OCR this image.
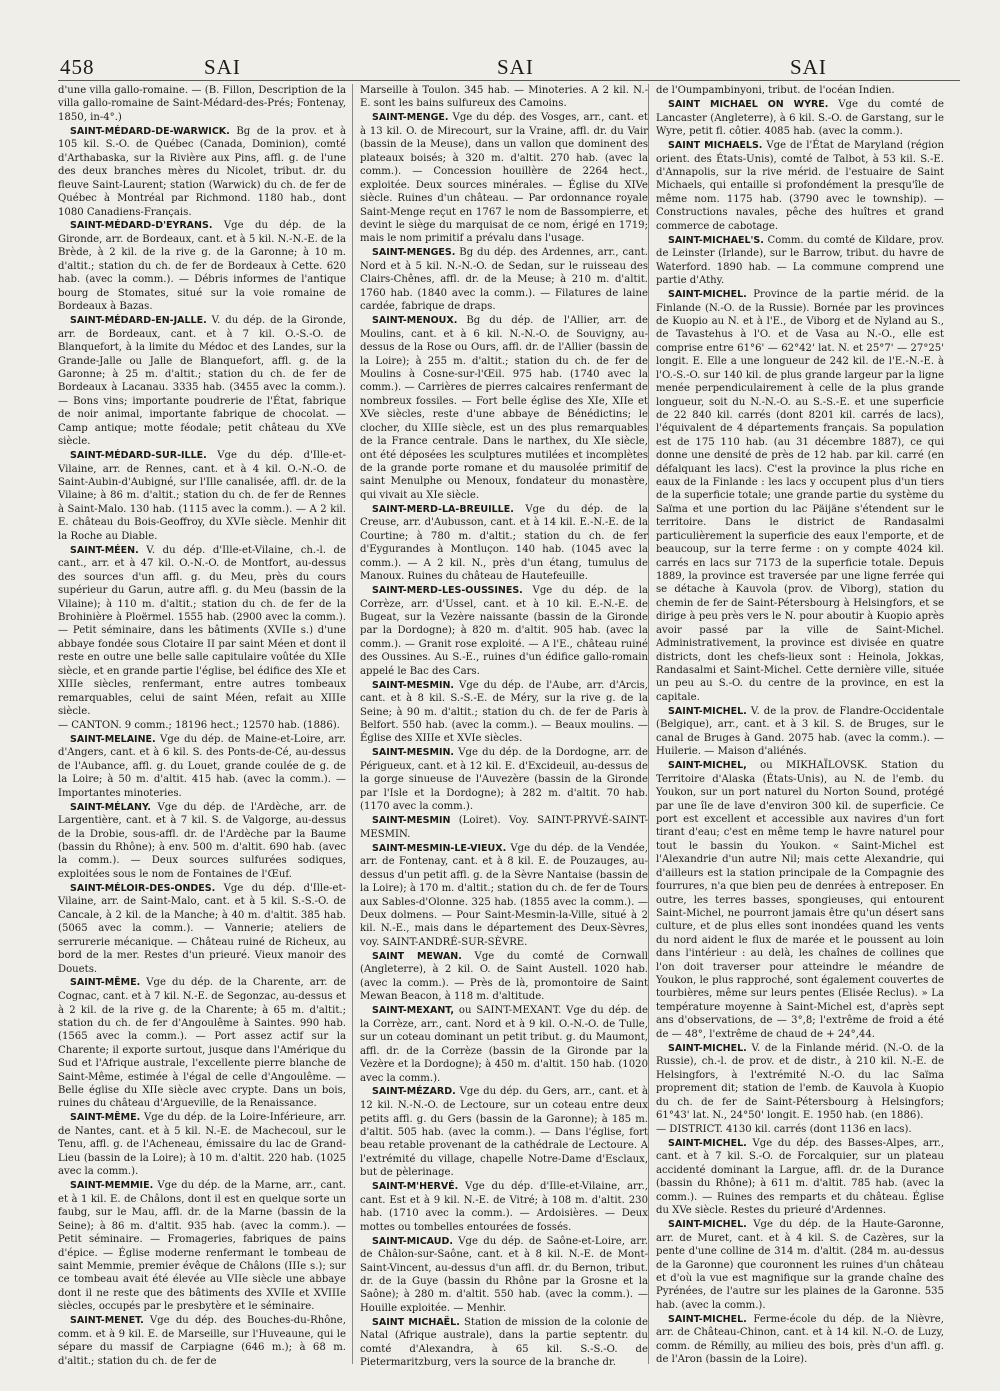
458	SAI	SAI	SAI

d'une villa gallo-romaine. — (B. Fillon, Description de la villa gallo-romaine de Saint-Médard-des-Prés; Fontenay, 1850, in-4°.)

SAINT-MÉDARD-DE-WARWICK. Bg de la prov. et à 105 kil. S.-O. de Québec (Canada, Dominion), comté d'Arthabaska, sur la Rivière aux Pins, affl. g. de l'une des deux branches mères du Nicolet, tribut. dr. du fleuve Saint-Laurent; station (Warwick) du ch. de fer de Québec à Montréal par Richmond. 1180 hab., dont 1080 Canadiens-Français.

SAINT-MÉDARD-D'EYRANS. Vge du dép. de la Gironde, arr. de Bordeaux, cant. et à 5 kil. N.-N.-E. de la Brède, à 2 kil. de la rive g. de la Garonne; à 10 m. d'altit.; station du ch. de fer de Bordeaux à Cette. 620 hab. (avec la comm.). — Débris informes de l'antique bourg de Stomates, situé sur la voie romaine de Bordeaux à Bazas.

SAINT-MÉDARD-EN-JALLE. V. du dép. de la Gironde, arr. de Bordeaux, cant. et à 7 kil. O.-S.-O. de Blanquefort, à la limite du Médoc et des Landes, sur la Grande-Jalle ou Jalle de Blanquefort, affl. g. de la Garonne; à 25 m. d'altit.; station du ch. de fer de Bordeaux à Lacanau. 3335 hab. (3455 avec la comm.). — Bons vins; importante poudrerie de l'État, fabrique de noir animal, importante fabrique de chocolat. — Camp antique; motte féodale; petit château du XVe siècle.

SAINT-MÉDARD-SUR-ILLE. Vge du dép. d'Ille-et-Vilaine, arr. de Rennes, cant. et à 4 kil. O.-N.-O. de Saint-Aubin-d'Aubigné, sur l'Ille canalisée, affl. dr. de la Vilaine; à 86 m. d'altit.; station du ch. de fer de Rennes à Saint-Malo. 130 hab. (1115 avec la comm.). — A 2 kil. E. château du Bois-Geoffroy, du XVIe siècle. Menhir dit la Roche au Diable.

SAINT-MÉEN. V. du dép. d'Ille-et-Vilaine, ch.-l. de cant., arr. et à 47 kil. O.-N.-O. de Montfort, au-dessus des sources d'un affl. g. du Meu, près du cours supérieur du Garun, autre affl. g. du Meu (bassin de la Vilaine); à 110 m. d'altit.; station du ch. de fer de la Brohinière à Ploërmel. 1555 hab. (2900 avec la comm.). — Petit séminaire, dans les bâtiments (XVIIe s.) d'une abbaye fondée sous Clotaire II par saint Méen et dont il reste en outre une belle salle capitulaire voûtée du XIIe siècle, et en grande partie l'église, bel édifice des XIe et XIIIe siècles, renfermant, entre autres tombeaux remarquables, celui de saint Méen, refait au XIIIe siècle.

— CANTON. 9 comm.; 18196 hect.; 12570 hab. (1886).

SAINT-MELAINE. Vge du dép. de Maine-et-Loire, arr. d'Angers, cant. et à 6 kil. S. des Ponts-de-Cé, au-dessus de l'Aubance, affl. g. du Louet, grande coulée de g. de la Loire; à 50 m. d'altit. 415 hab. (avec la comm.). — Importantes minoteries.

SAINT-MÉLANY. Vge du dép. de l'Ardèche, arr. de Largentière, cant. et à 7 kil. S. de Valgorge, au-dessus de la Drobie, sous-affl. dr. de l'Ardèche par la Baume (bassin du Rhône); à env. 500 m. d'altit. 690 hab. (avec la comm.). — Deux sources sulfurées sodiques, exploitées sous le nom de Fontaines de l'Œuf.

SAINT-MÉLOIR-DES-ONDES. Vge du dép. d'Ille-et-Vilaine, arr. de Saint-Malo, cant. et à 5 kil. S.-S.-O. de Cancale, à 2 kil. de la Manche; à 40 m. d'altit. 385 hab. (5065 avec la comm.). — Vannerie; ateliers de serrurerie mécanique. — Château ruiné de Richeux, au bord de la mer. Restes d'un prieuré. Vieux manoir des Douets.

SAINT-MÊME. Vge du dép. de la Charente, arr. de Cognac, cant. et à 7 kil. N.-E. de Segonzac, au-dessus et à 2 kil. de la rive g. de la Charente; à 65 m. d'altit.; station du ch. de fer d'Angoulême à Saintes. 990 hab. (1565 avec la comm.). — Port assez actif sur la Charente; il exporte surtout, jusque dans l'Amérique du Sud et l'Afrique australe, l'excellente pierre blanche de Saint-Même, estimée à l'égal de celle d'Angoulême. — Belle église du XIIe siècle avec crypte. Dans un bois, ruines du château d'Argueville, de la Renaissance.

SAINT-MÊME. Vge du dép. de la Loire-Inférieure, arr. de Nantes, cant. et à 5 kil. N.-E. de Machecoul, sur le Tenu, affl. g. de l'Acheneau, émissaire du lac de Grand-Lieu (bassin de la Loire); à 10 m. d'altit. 220 hab. (1025 avec la comm.).

SAINT-MEMMIE. Vge du dép. de la Marne, arr., cant. et à 1 kil. E. de Châlons, dont il est en quelque sorte un faubg, sur le Mau, affl. dr. de la Marne (bassin de la Seine); à 86 m. d'altit. 935 hab. (avec la comm.). — Petit séminaire. — Fromageries, fabriques de pains d'épice. — Église moderne renfermant le tombeau de saint Memmie, premier évêque de Châlons (IIIe s.); sur ce tombeau avait été élevée au VIIe siècle une abbaye dont il ne reste que des bâtiments des XVIIe et XVIIIe siècles, occupés par le presbytère et le séminaire.

SAINT-MENET. Vge du dép. des Bouches-du-Rhône, comm. et à 9 kil. E. de Marseille, sur l'Huveaune, qui le sépare du massif de Carpiagne (646 m.); à 68 m. d'altit.; station du ch. de fer de

Marseille à Toulon. 345 hab. — Minoteries. A 2 kil. N.-E. sont les bains sulfureux des Camoins.

SAINT-MENGE. Vge du dép. des Vosges, arr., cant. et à 13 kil. O. de Mirecourt, sur la Vraine, affl. dr. du Vair (bassin de la Meuse), dans un vallon que dominent des plateaux boisés; à 320 m. d'altit. 270 hab. (avec la comm.). — Concession houillère de 2264 hect., exploitée. Deux sources minérales. — Église du XIVe siècle. Ruines d'un château. — Par ordonnance royale Saint-Menge reçut en 1767 le nom de Bassompierre, et devint le siège du marquisat de ce nom, érigé en 1719; mais le nom primitif a prévalu dans l'usage.

SAINT-MENGES. Bg du dép. des Ardennes, arr., cant. Nord et à 5 kil. N.-N.-O. de Sedan, sur le ruisseau des Clairs-Chênes, affl. dr. de la Meuse; à 210 m. d'altit. 1760 hab. (1840 avec la comm.). — Filatures de laine cardée, fabrique de draps.

SAINT-MENOUX. Bg du dép. de l'Allier, arr. de Moulins, cant. et à 6 kil. N.-N.-O. de Souvigny, au-dessus de la Rose ou Ours, affl. dr. de l'Allier (bassin de la Loire); à 255 m. d'altit.; station du ch. de fer de Moulins à Cosne-sur-l'Œil. 975 hab. (1740 avec la comm.). — Carrières de pierres calcaires renfermant de nombreux fossiles. — Fort belle église des XIe, XIIe et XVe siècles, reste d'une abbaye de Bénédictins; le clocher, du XIIIe siècle, est un des plus remarquables de la France centrale. Dans le narthex, du XIe siècle, ont été déposées les sculptures mutilées et incomplètes de la grande porte romane et du mausolée primitif de saint Menulphe ou Menoux, fondateur du monastère, qui vivait au XIe siècle.

SAINT-MERD-LA-BREUILLE. Vge du dép. de la Creuse, arr. d'Aubusson, cant. et à 14 kil. E.-N.-E. de la Courtine; à 780 m. d'altit.; station du ch. de fer d'Eygurandes à Montluçon. 140 hab. (1045 avec la comm.). — A 2 kil. N., près d'un étang, tumulus de Manoux. Ruines du château de Hautefeuille.

SAINT-MERD-LES-OUSSINES. Vge du dép. de la Corrèze, arr. d'Ussel, cant. et à 10 kil. E.-N.-E. de Bugeat, sur la Vezère naissante (bassin de la Gironde par la Dordogne); à 820 m. d'altit. 905 hab. (avec la comm.). — Granit rose exploité. — A l'E., château ruiné des Oussines. Au S.-E., ruines d'un édifice gallo-romain appelé le Bac des Cars.

SAINT-MESMIN. Vge du dép. de l'Aube, arr. d'Arcis, cant. et à 8 kil. S.-S.-E. de Méry, sur la rive g. de la Seine; à 90 m. d'altit.; station du ch. de fer de Paris à Belfort. 550 hab. (avec la comm.). — Beaux moulins. — Église des XIIIe et XVIe siècles.

SAINT-MESMIN. Vge du dép. de la Dordogne, arr. de Périgueux, cant. et à 12 kil. E. d'Excideuil, au-dessus de la gorge sinueuse de l'Auvezère (bassin de la Gironde par l'Isle et la Dordogne); à 282 m. d'altit. 70 hab. (1170 avec la comm.).

SAINT-MESMIN (Loiret). Voy. SAINT-PRYVÉ-SAINT-MESMIN.

SAINT-MESMIN-LE-VIEUX. Vge du dép. de la Vendée, arr. de Fontenay, cant. et à 8 kil. E. de Pouzauges, au-dessus d'un petit affl. g. de la Sèvre Nantaise (bassin de la Loire); à 170 m. d'altit.; station du ch. de fer de Tours aux Sables-d'Olonne. 325 hab. (1855 avec la comm.). — Deux dolmens. — Pour Saint-Mesmin-la-Ville, situé à 2 kil. N.-E., mais dans le département des Deux-Sèvres, voy. SAINT-ANDRÉ-SUR-SÈVRE.

SAINT MEWAN. Vge du comté de Cornwall (Angleterre), à 2 kil. O. de Saint Austell. 1020 hab. (avec la comm.). — Près de là, promontoire de Saint Mewan Beacon, à 118 m. d'altitude.

SAINT-MEXANT, ou SAINT-MEXANT. Vge du dép. de la Corrèze, arr., cant. Nord et à 9 kil. O.-N.-O. de Tulle, sur un coteau dominant un petit tribut. g. du Maumont, affl. dr. de la Corrèze (bassin de la Gironde par la Vezère et la Dordogne); à 450 m. d'altit. 150 hab. (1020 avec la comm.).

SAINT-MÉZARD. Vge du dép. du Gers, arr., cant. et à 12 kil. N.-N.-O. de Lectoure, sur un coteau entre deux petits affl. g. du Gers (bassin de la Garonne); à 185 m. d'altit. 505 hab. (avec la comm.). — Dans l'église, fort beau retable provenant de la cathédrale de Lectoure. A l'extrémité du village, chapelle Notre-Dame d'Esclaux, but de pèlerinage.

SAINT-M'HERVÉ. Vge du dép. d'Ille-et-Vilaine, arr., cant. Est et à 9 kil. N.-E. de Vitré; à 108 m. d'altit. 230 hab. (1710 avec la comm.). — Ardoisières. — Deux mottes ou tombelles entourées de fossés.

SAINT-MICAUD. Vge du dép. de Saône-et-Loire, arr. de Châlon-sur-Saône, cant. et à 8 kil. N.-E. de Mont-Saint-Vincent, au-dessus d'un affl. dr. du Bernon, tribut. dr. de la Guye (bassin du Rhône par la Grosne et la Saône); à 280 m. d'altit. 550 hab. (avec la comm.). — Houille exploitée. — Menhir.

SAINT MICHAËL. Station de mission de la colonie de Natal (Afrique australe), dans la partie septentr. du comté d'Alexandra, à 65 kil. S.-S.-O. de Pietermaritzburg, vers la source de la branche dr.

de l'Oumpambinyoni, tribut. de l'océan Indien.

SAINT MICHAEL ON WYRE. Vge du comté de Lancaster (Angleterre), à 6 kil. S.-O. de Garstang, sur le Wyre, petit fl. côtier. 4085 hab. (avec la comm.).

SAINT MICHAELS. Vge de l'État de Maryland (région orient. des États-Unis), comté de Talbot, à 53 kil. S.-E. d'Annapolis, sur la rive mérid. de l'estuaire de Saint Michaels, qui entaille si profondément la presqu'île de même nom. 1175 hab. (3790 avec le township). — Constructions navales, pêche des huîtres et grand commerce de cabotage.

SAINT-MICHAEL'S. Comm. du comté de Kildare, prov. de Leinster (Irlande), sur le Barrow, tribut. du havre de Waterford. 1890 hab. — La commune comprend une partie d'Athy.

SAINT-MICHEL. Province de la partie mérid. de la Finlande (N.-O. de la Russie). Bornée par les provinces de Kuopio au N. et à l'E., de Viborg et de Nyland au S., de Tavastehus à l'O. et de Vasa au N.-O., elle est comprise entre 61°6' — 62°42' lat. N. et 25°7' — 27°25' longit. E. Elle a une longueur de 242 kil. de l'E.-N.-E. à l'O.-S.-O. sur 140 kil. de plus grande largeur par la ligne menée perpendiculairement à celle de la plus grande longueur, soit du N.-N.-O. au S.-S.-E. et une superficie de 22 840 kil. carrés (dont 8201 kil. carrés de lacs), l'équivalent de 4 départements français. Sa population est de 175 110 hab. (au 31 décembre 1887), ce qui donne une densité de près de 12 hab. par kil. carré (en défalquant les lacs). C'est la province la plus riche en eaux de la Finlande : les lacs y occupent plus d'un tiers de la superficie totale; une grande partie du système du Saïma et une portion du lac Päijäne s'étendent sur le territoire. Dans le district de Randasalmi particulièrement la superficie des eaux l'emporte, et de beaucoup, sur la terre ferme : on y compte 4024 kil. carrés en lacs sur 7173 de la superficie totale. Depuis 1889, la province est traversée par une ligne ferrée qui se détache à Kauvola (prov. de Viborg), station du chemin de fer de Saint-Pétersbourg à Helsingfors, et se dirige à peu près vers le N. pour aboutir à Kuopio après avoir passé par la ville de Saint-Michel. Administrativement, la province est divisée en quatre districts, dont les chefs-lieux sont : Heinola, Jokkas, Randasalmi et Saint-Michel. Cette dernière ville, située un peu au S.-O. du centre de la province, en est la capitale.

SAINT-MICHEL. V. de la prov. de Flandre-Occidentale (Belgique), arr., cant. et à 3 kil. S. de Bruges, sur le canal de Bruges à Gand. 2075 hab. (avec la comm.). — Huilerie. — Maison d'aliénés.

SAINT-MICHEL, ou MIKHAÏLOVSK. Station du Territoire d'Alaska (États-Unis), au N. de l'emb. du Youkon, sur un port naturel du Norton Sound, protégé par une île de lave d'environ 300 kil. de superficie. Ce port est excellent et accessible aux navires d'un fort tirant d'eau; c'est en même temp le havre naturel pour tout le bassin du Youkon. « Saint-Michel est l'Alexandrie d'un autre Nil; mais cette Alexandrie, qui d'ailleurs est la station principale de la Compagnie des fourrures, n'a que bien peu de denrées à entreposer. En outre, les terres basses, spongieuses, qui entourent Saint-Michel, ne pourront jamais être qu'un désert sans culture, et de plus elles sont inondées quand les vents du nord aident le flux de marée et le poussent au loin dans l'intérieur : au delà, les chaînes de collines que l'on doit traverser pour atteindre le méandre de Youkon, le plus rapproché, sont également couvertes de tourbières, même sur leurs pentes (Elisée Reclus). » La température moyenne à Saint-Michel est, d'après sept ans d'observations, de — 3°,8; l'extrême de froid a été de — 48°, l'extrême de chaud de + 24°,44.

SAINT-MICHEL. V. de la Finlande mérid. (N.-O. de la Russie), ch.-l. de prov. et de distr., à 210 kil. N.-E. de Helsingfors, à l'extrémité N.-O. du lac Saïma proprement dit; station de l'emb. de Kauvola à Kuopio du ch. de fer de Saint-Pétersbourg à Helsingfors; 61°43' lat. N., 24°50' longit. E. 1950 hab. (en 1886).

— DISTRICT. 4130 kil. carrés (dont 1136 en lacs).

SAINT-MICHEL. Vge du dép. des Basses-Alpes, arr., cant. et à 7 kil. S.-O. de Forcalquier, sur un plateau accidenté dominant la Largue, affl. dr. de la Durance (bassin du Rhône); à 611 m. d'altit. 785 hab. (avec la comm.). — Ruines des remparts et du château. Église du XVe siècle. Restes du prieuré d'Ardennes.

SAINT-MICHEL. Vge du dép. de la Haute-Garonne, arr. de Muret, cant. et à 4 kil. S. de Cazères, sur la pente d'une colline de 314 m. d'altit. (284 m. au-dessus de la Garonne) que couronnent les ruines d'un château et d'où la vue est magnifique sur la grande chaîne des Pyrénées, de l'autre sur les plaines de la Garonne. 535 hab. (avec la comm.).

SAINT-MICHEL. Ferme-école du dép. de la Nièvre, arr. de Château-Chinon, cant. et à 14 kil. N.-O. de Luzy, comm. de Rémilly, au milieu des bois, près d'un affl. g. de l'Aron (bassin de la Loire).
